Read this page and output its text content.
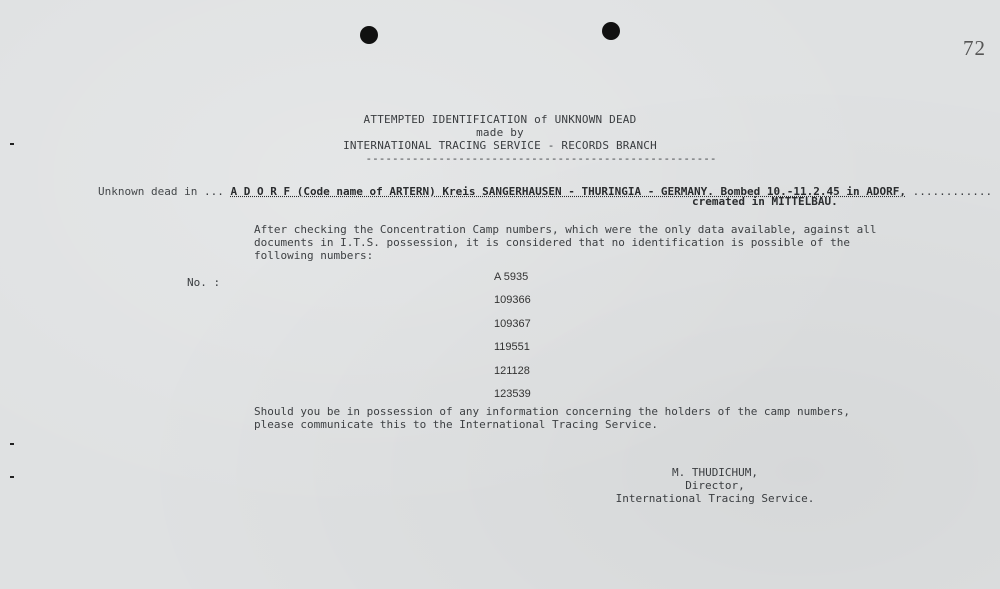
72
ATTEMPTED IDENTIFICATION of UNKNOWN DEAD
made by
INTERNATIONAL TRACING SERVICE - RECORDS BRANCH
-----------------------------------------------------
Unknown dead in ... A D O R F (Code name of ARTERN) Kreis SANGERHAUSEN - THURINGIA - GERMANY. Bombed 10.-11.2.45 in ADORF, ............
cremated in MITTELBAU.
After checking the Concentration Camp numbers, which were the only data available, against all
documents in I.T.S. possession, it is considered that no identification is possible of the
following numbers:
No. :	A 5935
109366
109367
119551
121128
123539
Should you be in possession of any information concerning the holders of the camp numbers,
please communicate this to the International Tracing Service.
M. THUDICHUM,
Director,
International Tracing Service.
